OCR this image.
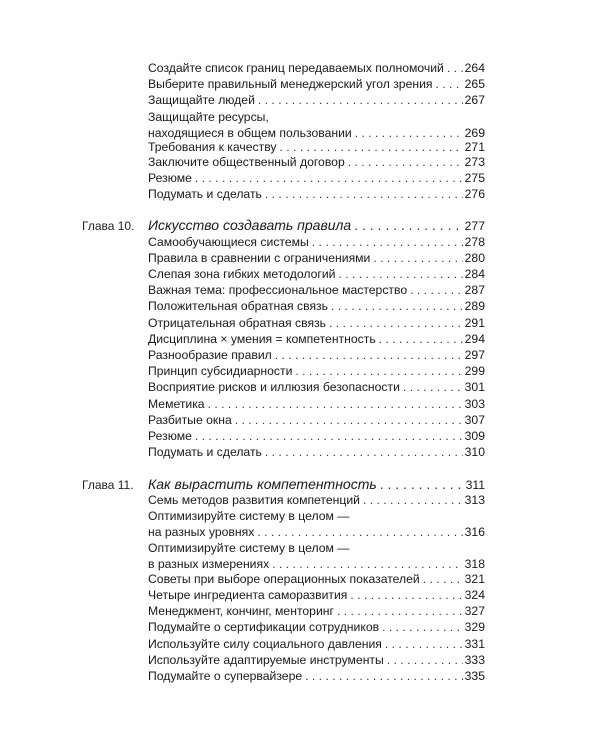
Создайте список границ передаваемых полномочий . . . 264
Выберите правильный менеджерский угол зрения . . .	265
Защищайте людей . . .	267
Защищайте ресурсы,
находящиеся в общем пользовании . . .	269
Требования к качеству . . .	271
Заключите общественный договор . . .	273
Резюме . . .	275
Подумать и сделать . . .	276
Глава 10. Искусство создавать правила . . .	277
Самообучающиеся системы . . .	278
Правила в сравнении с ограничениями . . .	280
Слепая зона гибких методологий . . .	284
Важная тема: профессиональное мастерство . . .	287
Положительная обратная связь . . .	289
Отрицательная обратная связь . . .	291
Дисциплина × умения = компетентность . . .	294
Разнообразие правил . . .	297
Принцип субсидиарности . . .	299
Восприятие рисков и иллюзия безопасности . . .	301
Меметика . . .	303
Разбитые окна . . .	307
Резюме . . .	309
Подумать и сделать . . .	310
Глава 11. Как вырастить компетентность . . .	311
Семь методов развития компетенций . . .	313
Оптимизируйте систему в целом —
на разных уровнях . . .	316
Оптимизируйте систему в целом —
в разных измерениях . . .	318
Советы при выборе операционных показателей . . .	321
Четыре ингредиента саморазвития . . .	324
Менеджмент, кончинг, менторинг . . .	327
Подумайте о сертификации сотрудников . . .	329
Используйте силу социального давления . . .	331
Используйте адаптируемые инструменты . . .	333
Подумайте о супервайзере . . .	335
